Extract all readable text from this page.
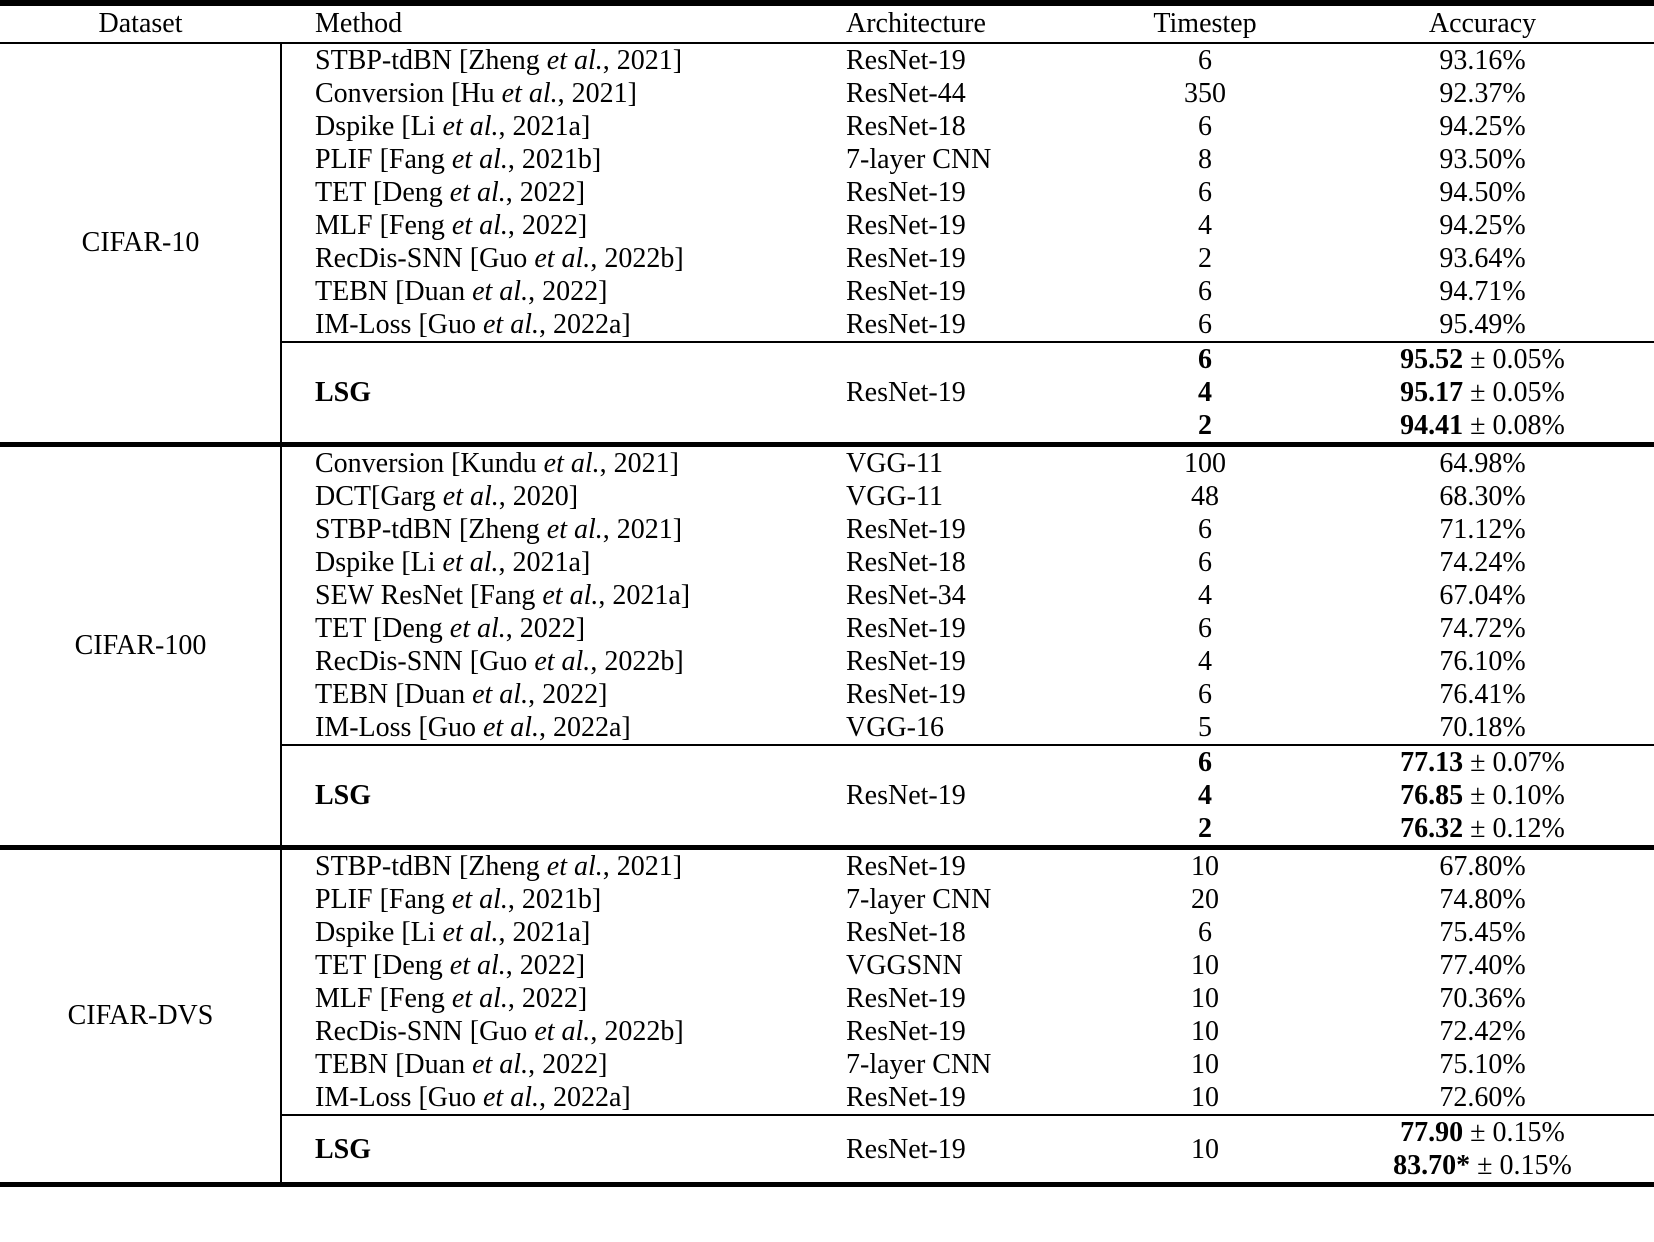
Dataset	Method	Architecture	Timestep	Accuracy

CIFAR-10	STBP-tdBN [Zheng et al., 2021]	ResNet-19	6	93.16%

	Conversion [Hu et al., 2021]	ResNet-44	350	92.37%

	Dspike [Li et al., 2021a]	ResNet-18	6	94.25%

	PLIF [Fang et al., 2021b]	7-layer CNN	8	93.50%

	TET [Deng et al., 2022]	ResNet-19	6	94.50%

	MLF [Feng et al., 2022]	ResNet-19	4	94.25%

	RecDis-SNN [Guo et al., 2022b]	ResNet-19	2	93.64%

	TEBN [Duan et al., 2022]	ResNet-19	6	94.71%

	IM-Loss [Guo et al., 2022a]	ResNet-19	6	95.49%

	LSG	ResNet-19	6	95.52 ± 0.05%

			4	95.17 ± 0.05%

			2	94.41 ± 0.08%

CIFAR-100	Conversion [Kundu et al., 2021]	VGG-11	100	64.98%

	DCT[Garg et al., 2020]	VGG-11	48	68.30%

	STBP-tdBN [Zheng et al., 2021]	ResNet-19	6	71.12%

	Dspike [Li et al., 2021a]	ResNet-18	6	74.24%

	SEW ResNet [Fang et al., 2021a]	ResNet-34	4	67.04%

	TET [Deng et al., 2022]	ResNet-19	6	74.72%

	RecDis-SNN [Guo et al., 2022b]	ResNet-19	4	76.10%

	TEBN [Duan et al., 2022]	ResNet-19	6	76.41%

	IM-Loss [Guo et al., 2022a]	VGG-16	5	70.18%

	LSG	ResNet-19	6	77.13 ± 0.07%

			4	76.85 ± 0.10%

			2	76.32 ± 0.12%

CIFAR-DVS	STBP-tdBN [Zheng et al., 2021]	ResNet-19	10	67.80%

	PLIF [Fang et al., 2021b]	7-layer CNN	20	74.80%

	Dspike [Li et al., 2021a]	ResNet-18	6	75.45%

	TET [Deng et al., 2022]	VGGSNN	10	77.40%

	MLF [Feng et al., 2022]	ResNet-19	10	70.36%

	RecDis-SNN [Guo et al., 2022b]	ResNet-19	10	72.42%

	TEBN [Duan et al., 2022]	7-layer CNN	10	75.10%

	IM-Loss [Guo et al., 2022a]	ResNet-19	10	72.60%

	LSG	ResNet-19	10	77.90 ± 0.15%

				83.70* ± 0.15%
